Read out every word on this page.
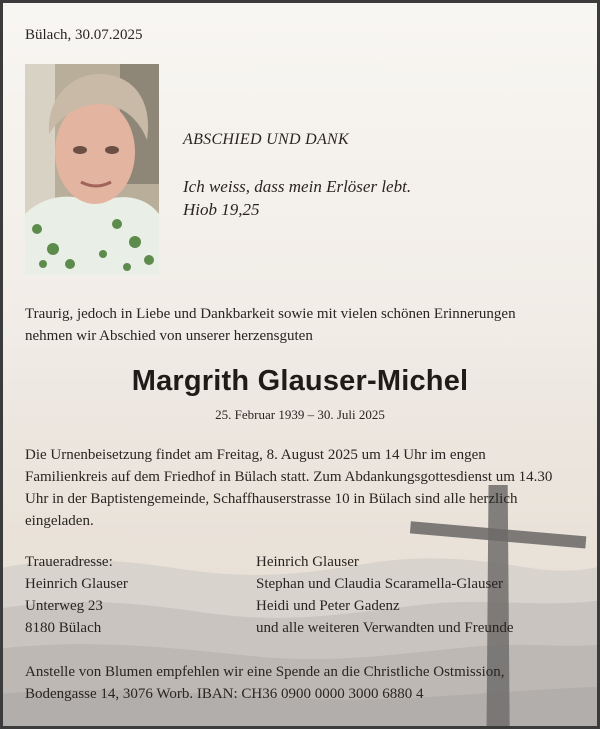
Bülach, 30.07.2025
ABSCHIED UND DANK
Ich weiss, dass mein Erlöser lebt.
Hiob 19,25
Traurig, jedoch in Liebe und Dankbarkeit sowie mit vielen schönen Erinnerungen
nehmen wir Abschied von unserer herzensguten
Margrith Glauser-Michel
25. Februar 1939 – 30. Juli 2025
Die Urnenbeisetzung findet am Freitag, 8. August 2025 um 14 Uhr im engen
Familienkreis auf dem Friedhof in Bülach statt. Zum Abdankungsgottesdienst um 14.30
Uhr in der Baptistengemeinde, Schaffhauserstrasse 10 in Bülach sind alle herzlich
eingeladen.
Traueradresse:
Heinrich Glauser
Unterweg 23
8180 Bülach
Heinrich Glauser
Stephan und Claudia Scaramella-Glauser
Heidi und Peter Gadenz
und alle weiteren Verwandten und Freunde
Anstelle von Blumen empfehlen wir eine Spende an die Christliche Ostmission,
Bodengasse 14, 3076 Worb. IBAN: CH36 0900 0000 3000 6880 4
